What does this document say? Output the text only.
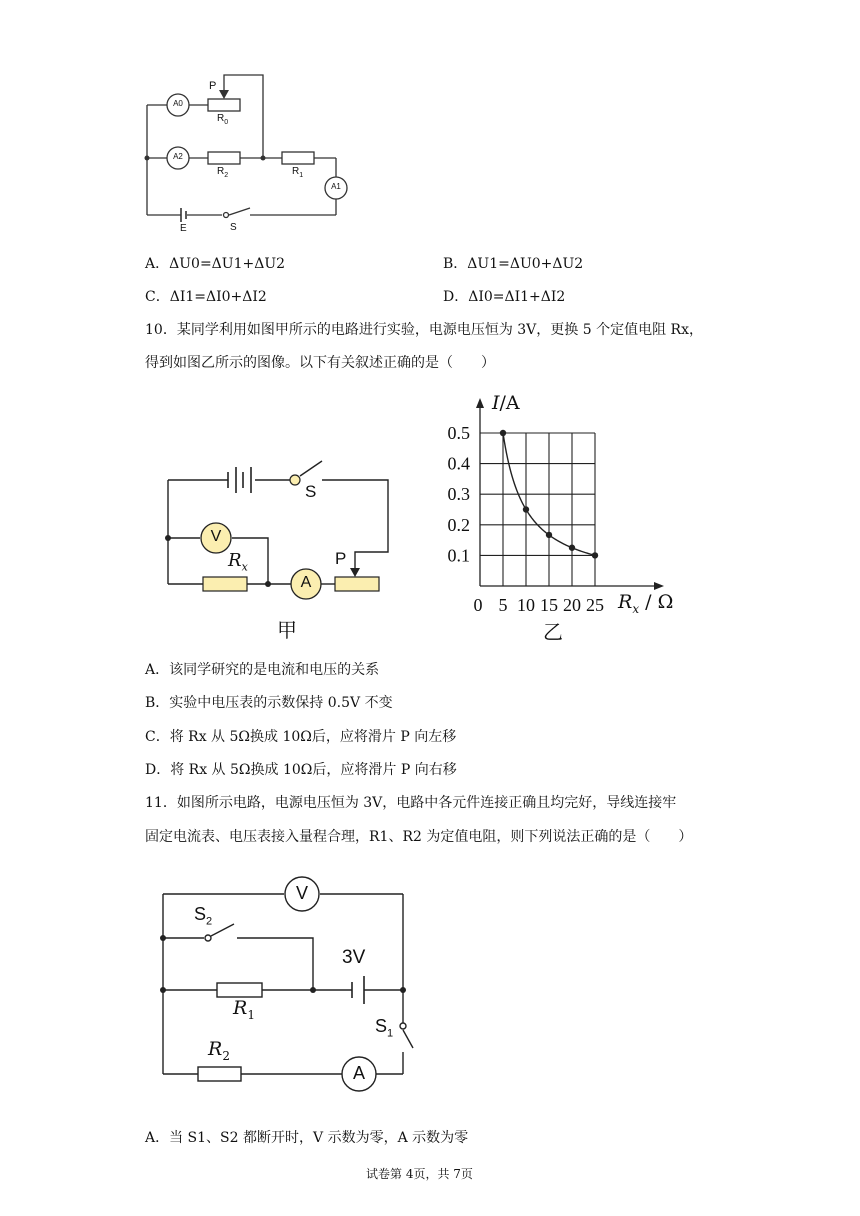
A0
P
$R_0$
A2
$R_2$	$R_1$
A1
E	S
A．ΔU0=ΔU1+ΔU2	B．ΔU1=ΔU0+ΔU2
C．ΔI1=ΔI0+ΔI2	D．ΔI0=ΔI1+ΔI2
10．某同学利用如图甲所示的电路进行实验，电源电压恒为 3V，更换 5 个定值电阻 Rx，
得到如图乙所示的图像。以下有关叙述正确的是（　　）
S
V
$R_x$
A
P
甲
0 5 10 15 20 25
0.1
0.2
0.3
0.4
0.5
I/A
$R_x$ / Ω
乙
A．该同学研究的是电流和电压的关系
B．实验中电压表的示数保持 0.5V 不变
C．将 Rx 从 5Ω换成 10Ω后，应将滑片 P 向左移
D．将 Rx 从 5Ω换成 10Ω后，应将滑片 P 向右移
11．如图所示电路，电源电压恒为 3V，电路中各元件连接正确且均完好，导线连接牢
固定电流表、电压表接入量程合理，R1、R2 为定值电阻，则下列说法正确的是（　　）
V
$S_2$
3V
$R_1$
$S_1$
$R_2$
A
A．当 S1、S2 都断开时，V 示数为零，A 示数为零
试卷第 4页，共 7页
